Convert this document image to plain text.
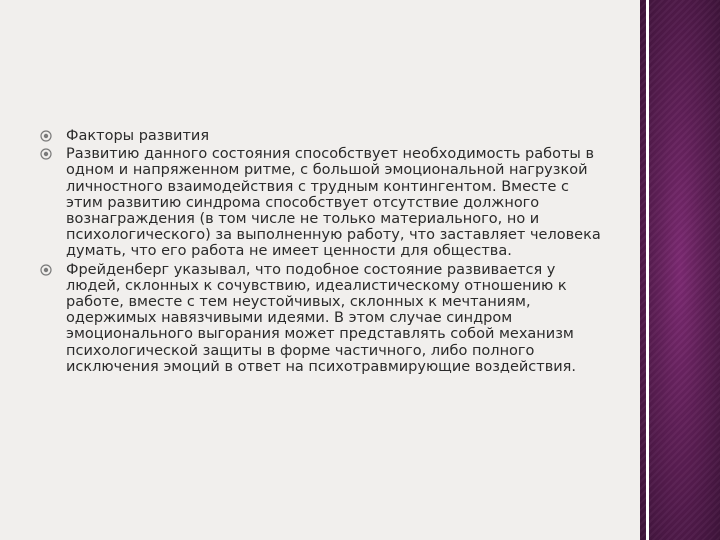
Факторы развития
Развитию данного состояния способствует необходимость работы в одном и напряженном ритме, с большой эмоциональной нагрузкой личностного взаимодействия с трудным контингентом. Вместе с этим развитию синдрома способствует отсутствие должного вознаграждения (в том числе не только материального, но и психологического) за выполненную работу, что заставляет человека думать, что его работа не имеет ценности для общества.
Фрейденберг указывал, что подобное состояние развивается у людей, склонных к сочувствию, идеалистическому отношению к работе, вместе с тем неустойчивых, склонных к мечтаниям, одержимых навязчивыми идеями. В этом случае синдром эмоционального выгорания может представлять собой механизм психологической защиты в форме частичного, либо полного исключения эмоций в ответ на психотравмирующие воздействия.
